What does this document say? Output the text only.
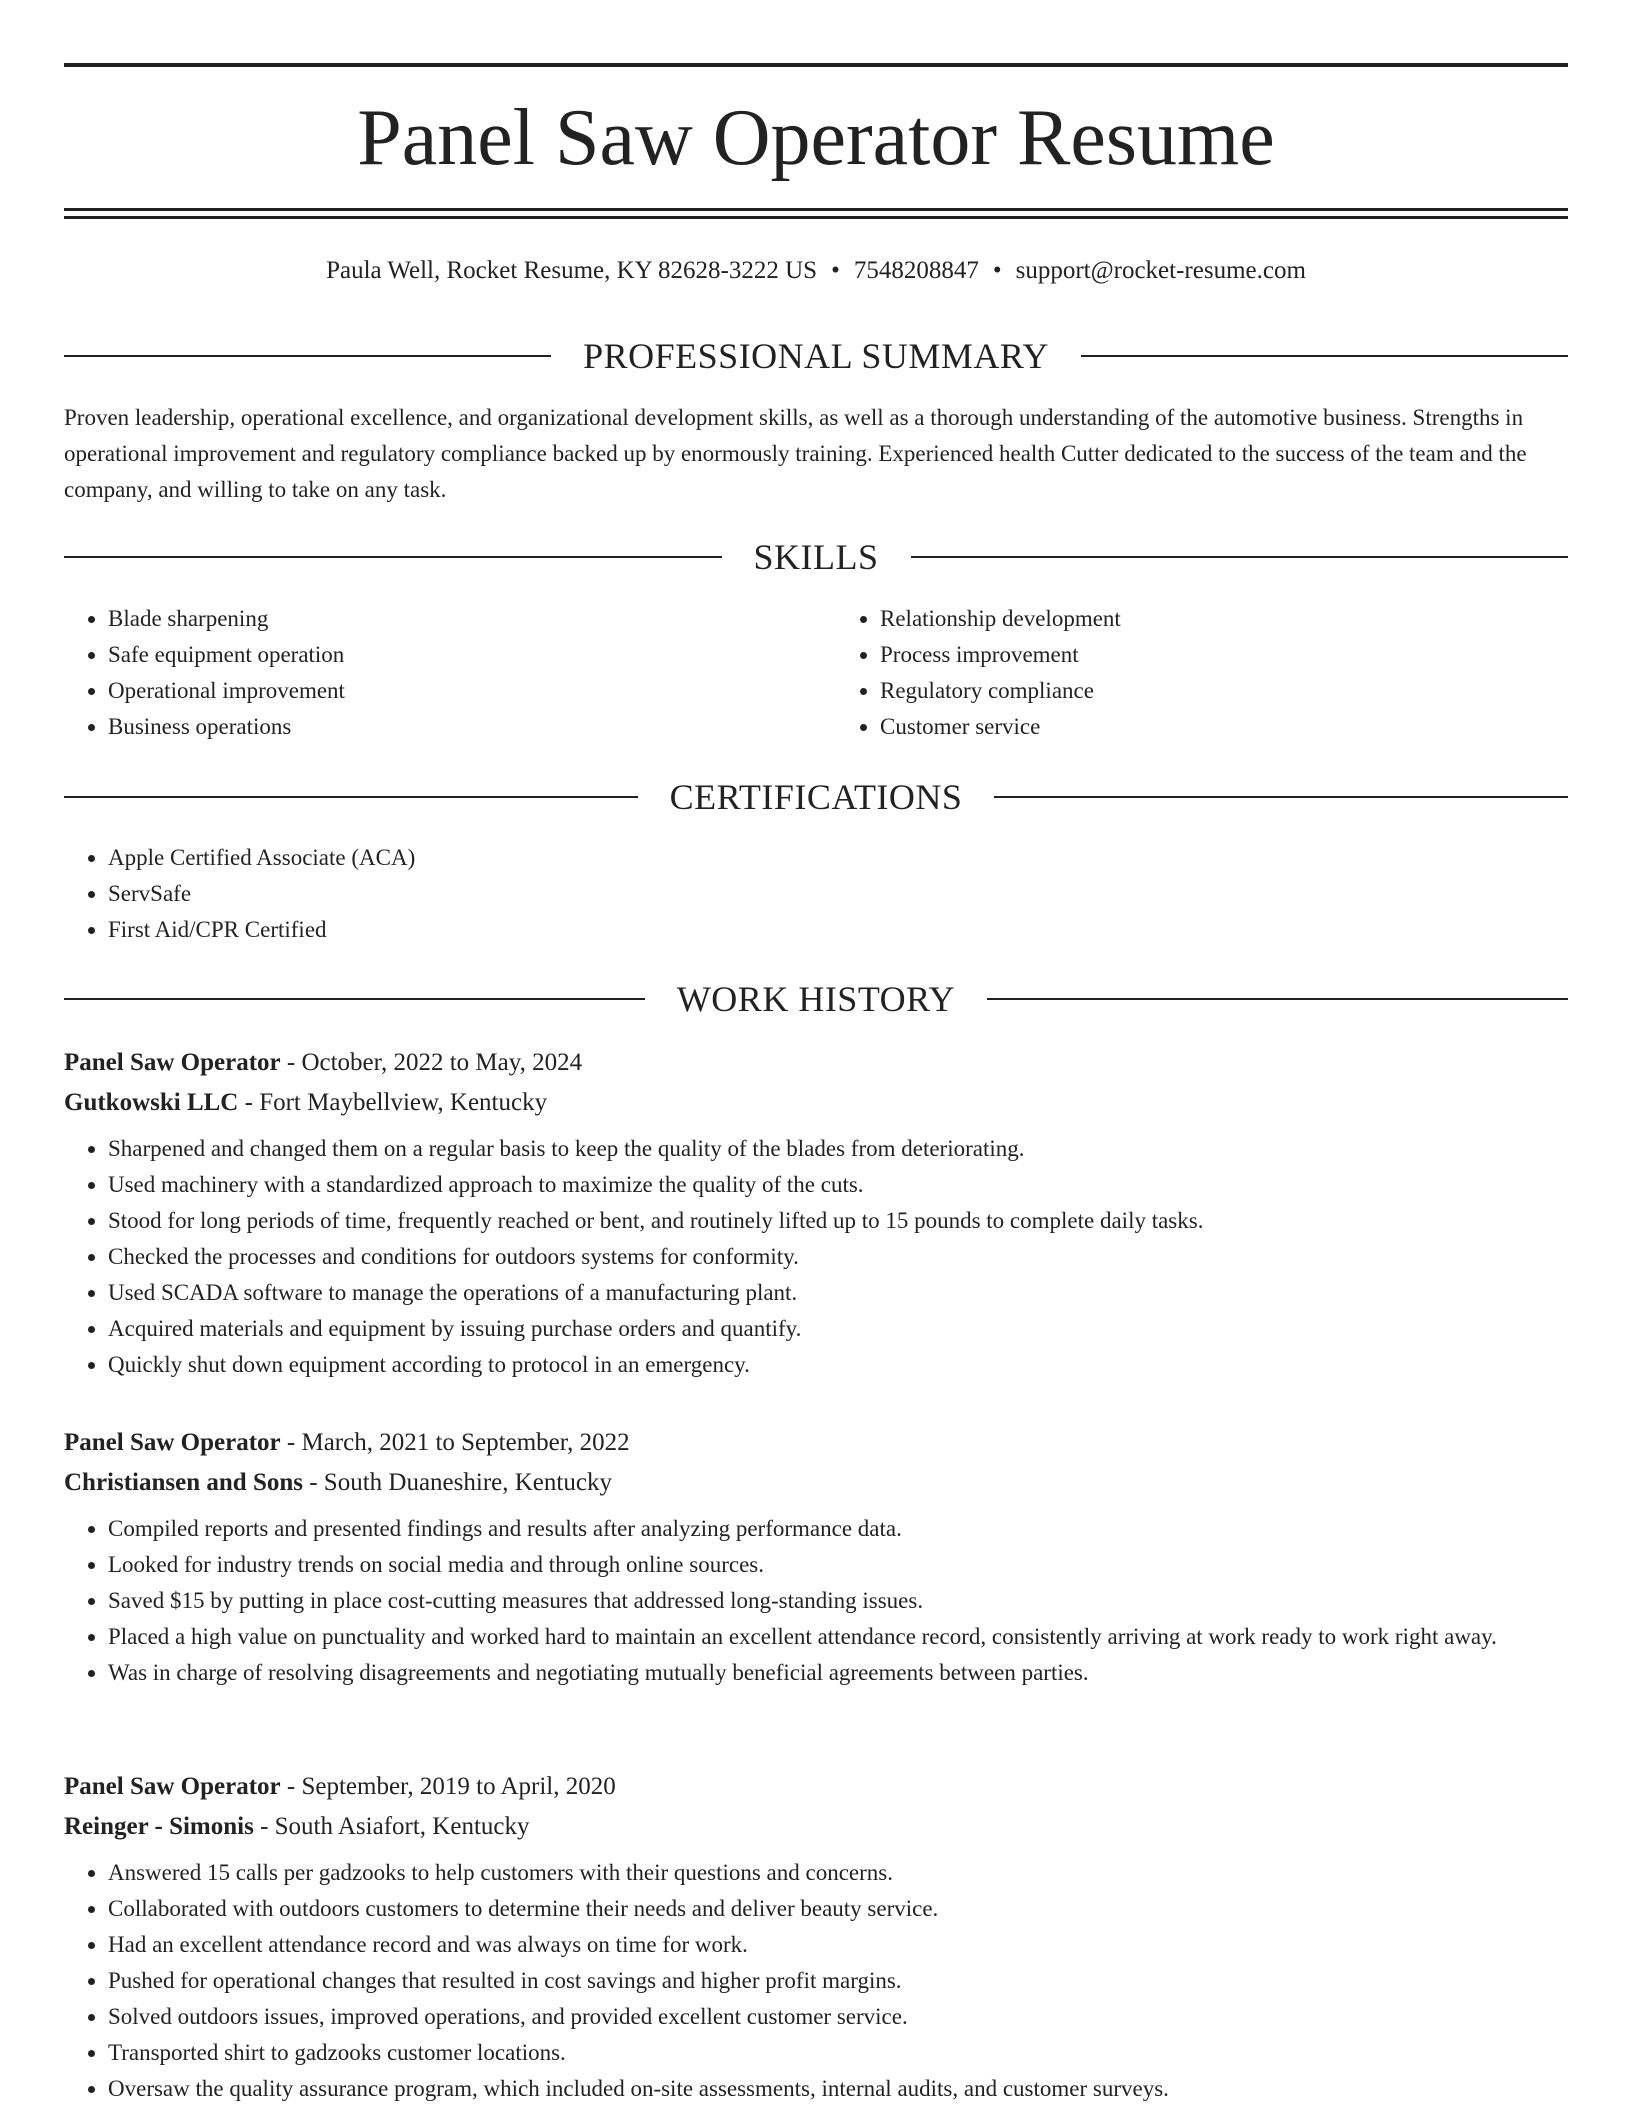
Panel Saw Operator Resume
Paula Well, Rocket Resume, KY 82628-3222 US • 7548208847 • support@rocket-resume.com
PROFESSIONAL SUMMARY

Proven leadership, operational excellence, and organizational development skills, as well as a thorough understanding of the automotive business. Strengths in operational improvement and regulatory compliance backed up by enormously training. Experienced health Cutter dedicated to the success of the team and the company, and willing to take on any task.

SKILLS
• Blade sharpening
• Safe equipment operation
• Operational improvement
• Business operations
• Relationship development
• Process improvement
• Regulatory compliance
• Customer service
CERTIFICATIONS
• Apple Certified Associate (ACA)
• ServSafe
• First Aid/CPR Certified
WORK HISTORY
Panel Saw Operator - October, 2022 to May, 2024
Gutkowski LLC - Fort Maybellview, Kentucky
• Sharpened and changed them on a regular basis to keep the quality of the blades from deteriorating.
• Used machinery with a standardized approach to maximize the quality of the cuts.
• Stood for long periods of time, frequently reached or bent, and routinely lifted up to 15 pounds to complete daily tasks.
• Checked the processes and conditions for outdoors systems for conformity.
• Used SCADA software to manage the operations of a manufacturing plant.
• Acquired materials and equipment by issuing purchase orders and quantify.
• Quickly shut down equipment according to protocol in an emergency.
Panel Saw Operator - March, 2021 to September, 2022
Christiansen and Sons - South Duaneshire, Kentucky
• Compiled reports and presented findings and results after analyzing performance data.
• Looked for industry trends on social media and through online sources.
• Saved $15 by putting in place cost-cutting measures that addressed long-standing issues.
• Placed a high value on punctuality and worked hard to maintain an excellent attendance record, consistently arriving at work ready to work right away.
• Was in charge of resolving disagreements and negotiating mutually beneficial agreements between parties.
Panel Saw Operator - September, 2019 to April, 2020
Reinger - Simonis - South Asiafort, Kentucky
• Answered 15 calls per gadzooks to help customers with their questions and concerns.
• Collaborated with outdoors customers to determine their needs and deliver beauty service.
• Had an excellent attendance record and was always on time for work.
• Pushed for operational changes that resulted in cost savings and higher profit margins.
• Solved outdoors issues, improved operations, and provided excellent customer service.
• Transported shirt to gadzooks customer locations.
• Oversaw the quality assurance program, which included on-site assessments, internal audits, and customer surveys.
